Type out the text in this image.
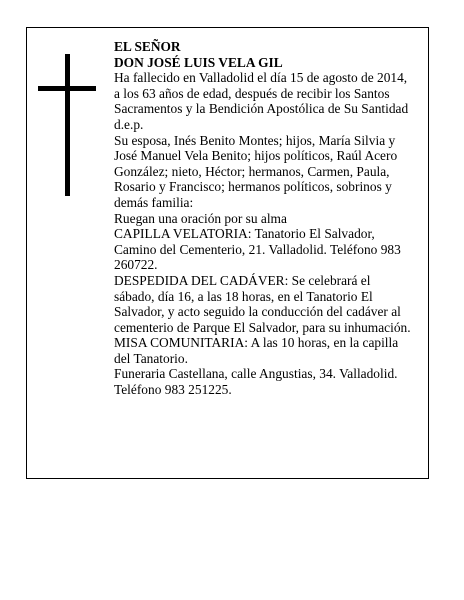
EL SEÑOR
DON JOSÉ LUIS VELA GIL
Ha fallecido en Valladolid el día 15 de agosto de 2014,
a los 63 años de edad, después de recibir los Santos
Sacramentos y la Bendición Apostólica de Su Santidad
d.e.p.
Su esposa, Inés Benito Montes; hijos, María Silvia y
José Manuel Vela Benito; hijos políticos, Raúl Acero
González; nieto, Héctor; hermanos, Carmen, Paula,
Rosario y Francisco; hermanos políticos, sobrinos y
demás familia:
Ruegan una oración por su alma
CAPILLA VELATORIA: Tanatorio El Salvador,
Camino del Cementerio, 21. Valladolid. Teléfono 983
260722.
DESPEDIDA DEL CADÁVER: Se celebrará el
sábado, día 16, a las 18 horas, en el Tanatorio El
Salvador, y acto seguido la conducción del cadáver al
cementerio de Parque El Salvador, para su inhumación.
MISA COMUNITARIA: A las 10 horas, en la capilla
del Tanatorio.
Funeraria Castellana, calle Angustias, 34. Valladolid.
Teléfono 983 251225.
